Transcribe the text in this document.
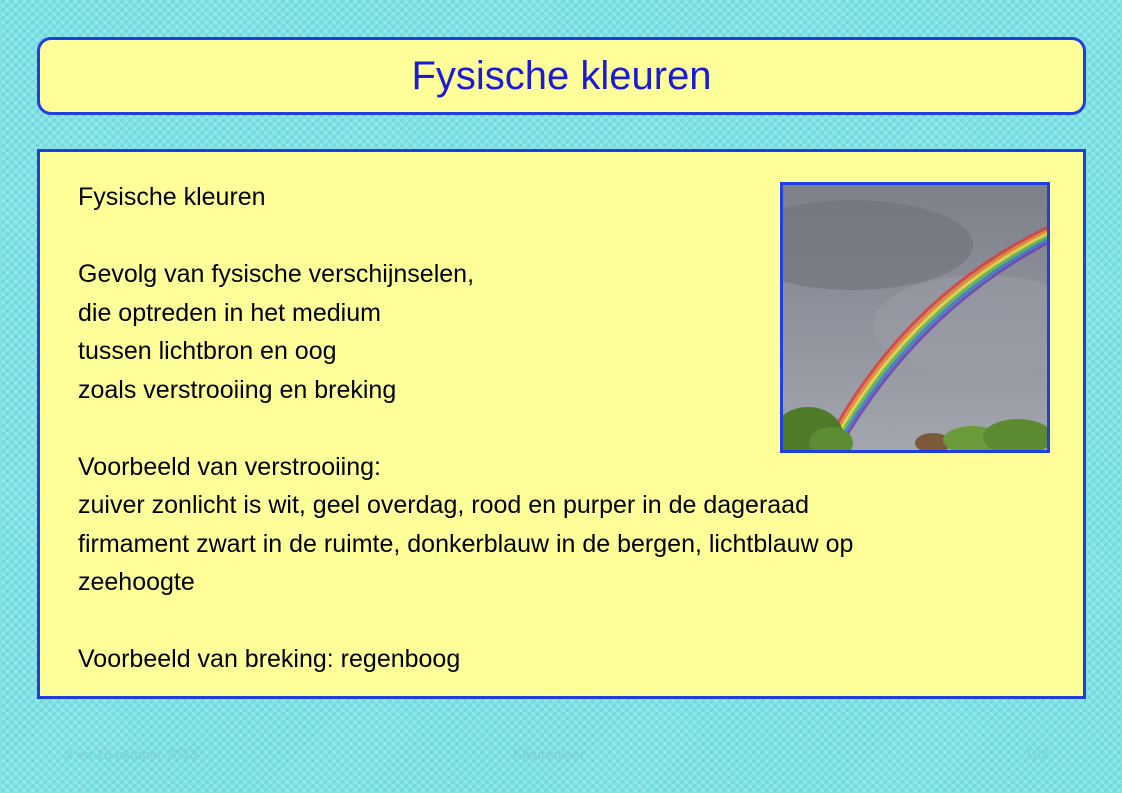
Fysische kleuren

Fysische kleuren

Gevolg van fysische verschijnselen,

die optreden in het medium

tussen lichtbron en oog

zoals verstrooiing en breking

Voorbeeld van verstrooiing:

zuiver zonlicht is wit, geel overdag, rood en purper in de dageraad

firmament zwart in de ruimte, donkerblauw in de bergen, lichtblauw op

zeehoogte

Voorbeeld van breking: regenboog

2 en 16 oktober 2013	Kleurenleer	102
